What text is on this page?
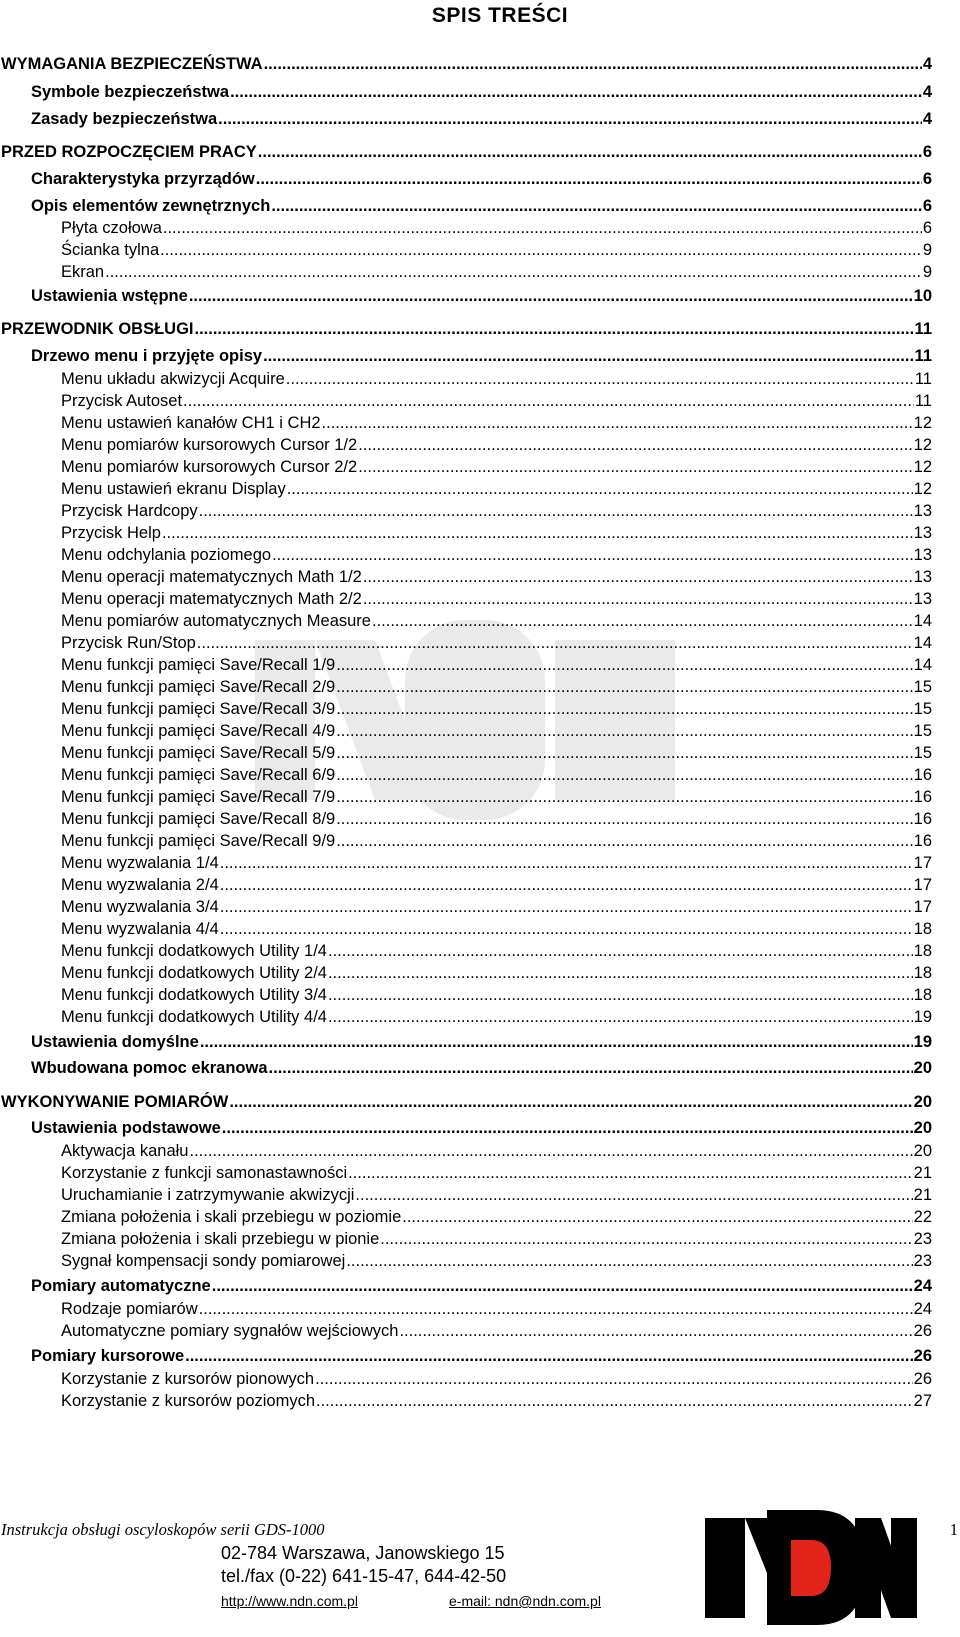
SPIS TREŚCI
WYMAGANIA BEZPIECZEŃSTWA .....	4
Symbole bezpieczeństwa .....	4
Zasady bezpieczeństwa .....	4
PRZED ROZPOCZĘCIEM PRACY .....	6
Charakterystyka przyrządów .....	6
Opis elementów zewnętrznych .....	6
Płyta czołowa .....	6
Ścianka tylna .....	9
Ekran .....	9
Ustawienia wstępne .....	10
PRZEWODNIK OBSŁUGI .....	11
Drzewo menu i przyjęte opisy .....	11
Menu układu akwizycji Acquire .....	11
Przycisk Autoset .....	11
Menu ustawień kanałów CH1 i CH2 .....	12
Menu pomiarów kursorowych Cursor 1/2 .....	12
Menu pomiarów kursorowych Cursor 2/2 .....	12
Menu ustawień ekranu Display .....	12
Przycisk Hardcopy .....	13
Przycisk Help .....	13
Menu odchylania poziomego .....	13
Menu operacji matematycznych Math 1/2 .....	13
Menu operacji matematycznych Math 2/2 .....	13
Menu pomiarów automatycznych Measure .....	14
Przycisk Run/Stop .....	14
Menu funkcji pamięci Save/Recall 1/9 .....	14
Menu funkcji pamięci Save/Recall 2/9 .....	15
Menu funkcji pamięci Save/Recall 3/9 .....	15
Menu funkcji pamięci Save/Recall 4/9 .....	15
Menu funkcji pamięci Save/Recall 5/9 .....	15
Menu funkcji pamięci Save/Recall 6/9 .....	16
Menu funkcji pamięci Save/Recall 7/9 .....	16
Menu funkcji pamięci Save/Recall 8/9 .....	16
Menu funkcji pamięci Save/Recall 9/9 .....	16
Menu wyzwalania 1/4 .....	17
Menu wyzwalania 2/4 .....	17
Menu wyzwalania 3/4 .....	17
Menu wyzwalania 4/4 .....	18
Menu funkcji dodatkowych Utility 1/4 .....	18
Menu funkcji dodatkowych Utility 2/4 .....	18
Menu funkcji dodatkowych Utility 3/4 .....	18
Menu funkcji dodatkowych Utility 4/4 .....	19
Ustawienia domyślne .....	19
Wbudowana pomoc ekranowa .....	20
WYKONYWANIE POMIARÓW .....	20
Ustawienia podstawowe .....	20
Aktywacja kanału .....	20
Korzystanie z funkcji samonastawności .....	21
Uruchamianie i zatrzymywanie akwizycji .....	21
Zmiana położenia i skali przebiegu w poziomie .....	22
Zmiana położenia i skali przebiegu w pionie .....	23
Sygnał kompensacji sondy pomiarowej .....	23
Pomiary automatyczne .....	24
Rodzaje pomiarów .....	24
Automatyczne pomiary sygnałów wejściowych .....	26
Pomiary kursorowe .....	26
Korzystanie z kursorów pionowych .....	26
Korzystanie z kursorów poziomych .....	27
Instrukcja obsługi oscyloskopów serii GDS-1000	1
02-784 Warszawa, Janowskiego 15
tel./fax (0-22) 641-15-47, 644-42-50
http://www.ndn.com.pl	e-mail: ndn@ndn.com.pl
